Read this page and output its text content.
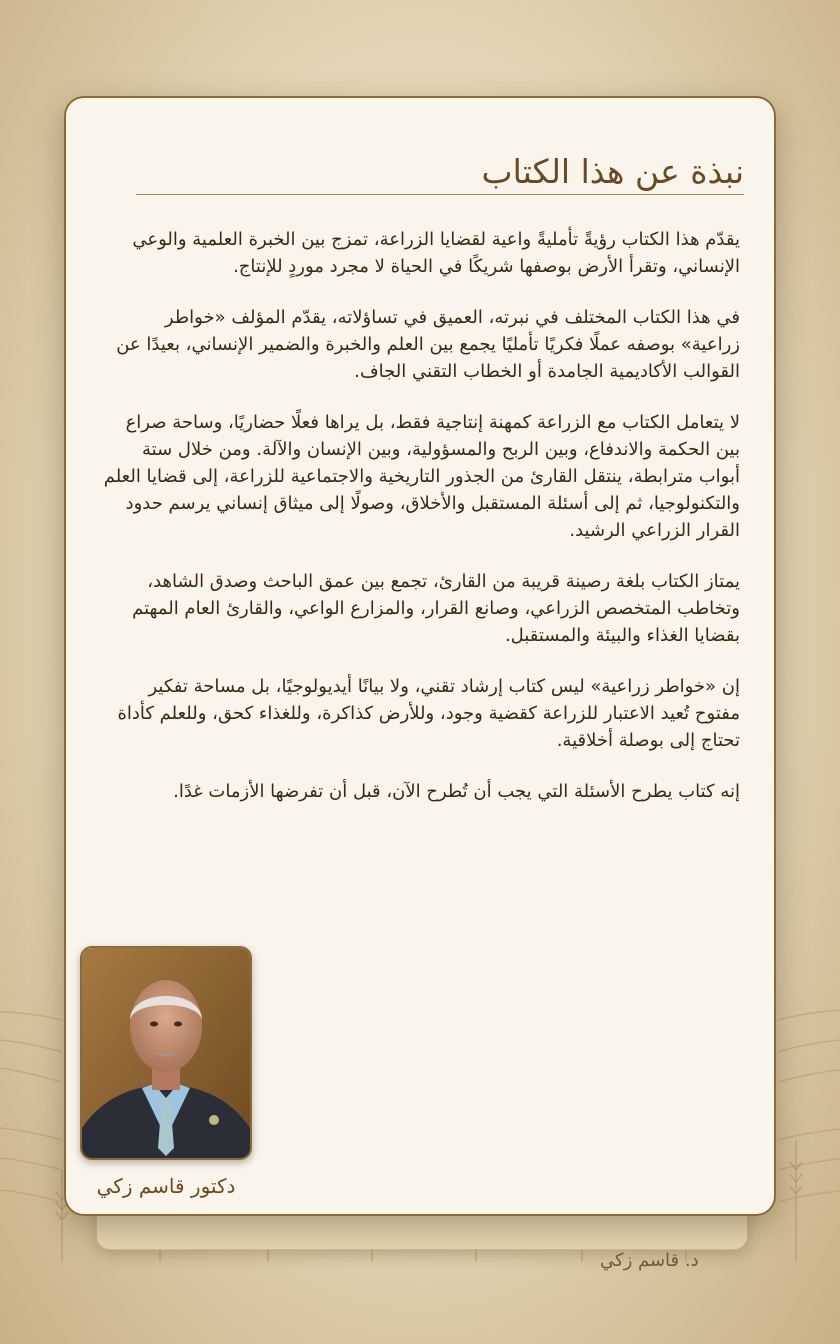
نبذة عن هذا الكتاب

يقدّم هذا الكتاب رؤيةً تأمليةً واعية لقضايا الزراعة، تمزج بين الخبرة العلمية والوعي الإنساني، وتقرأ الأرض بوصفها شريكًا في الحياة لا مجرد موردٍ للإنتاج.

في هذا الكتاب المختلف في نبرته، العميق في تساؤلاته، يقدّم المؤلف «خواطر زراعية» بوصفه عملًا فكريًا تأمليًا يجمع بين العلم والخبرة والضمير الإنساني، بعيدًا عن القوالب الأكاديمية الجامدة أو الخطاب التقني الجاف.

لا يتعامل الكتاب مع الزراعة كمهنة إنتاجية فقط، بل يراها فعلًا حضاريًا، وساحة صراع بين الحكمة والاندفاع، وبين الربح والمسؤولية، وبين الإنسان والآلة. ومن خلال ستة أبواب مترابطة، ينتقل القارئ من الجذور التاريخية والاجتماعية للزراعة، إلى قضايا العلم والتكنولوجيا، ثم إلى أسئلة المستقبل والأخلاق، وصولًا إلى ميثاق إنساني يرسم حدود القرار الزراعي الرشيد.

يمتاز الكتاب بلغة رصينة قريبة من القارئ، تجمع بين عمق الباحث وصدق الشاهد، وتخاطب المتخصص الزراعي، وصانع القرار، والمزارع الواعي، والقارئ العام المهتم بقضايا الغذاء والبيئة والمستقبل.

إن «خواطر زراعية» ليس كتاب إرشاد تقني، ولا بيانًا أيديولوجيًا، بل مساحة تفكير مفتوح تُعيد الاعتبار للزراعة كقضية وجود، وللأرض كذاكرة، وللغذاء كحق، وللعلم كأداة تحتاج إلى بوصلة أخلاقية.

إنه كتاب يطرح الأسئلة التي يجب أن تُطرح الآن، قبل أن تفرضها الأزمات غدًا.

دكتور قاسم زكي
د. قاسم زكي
